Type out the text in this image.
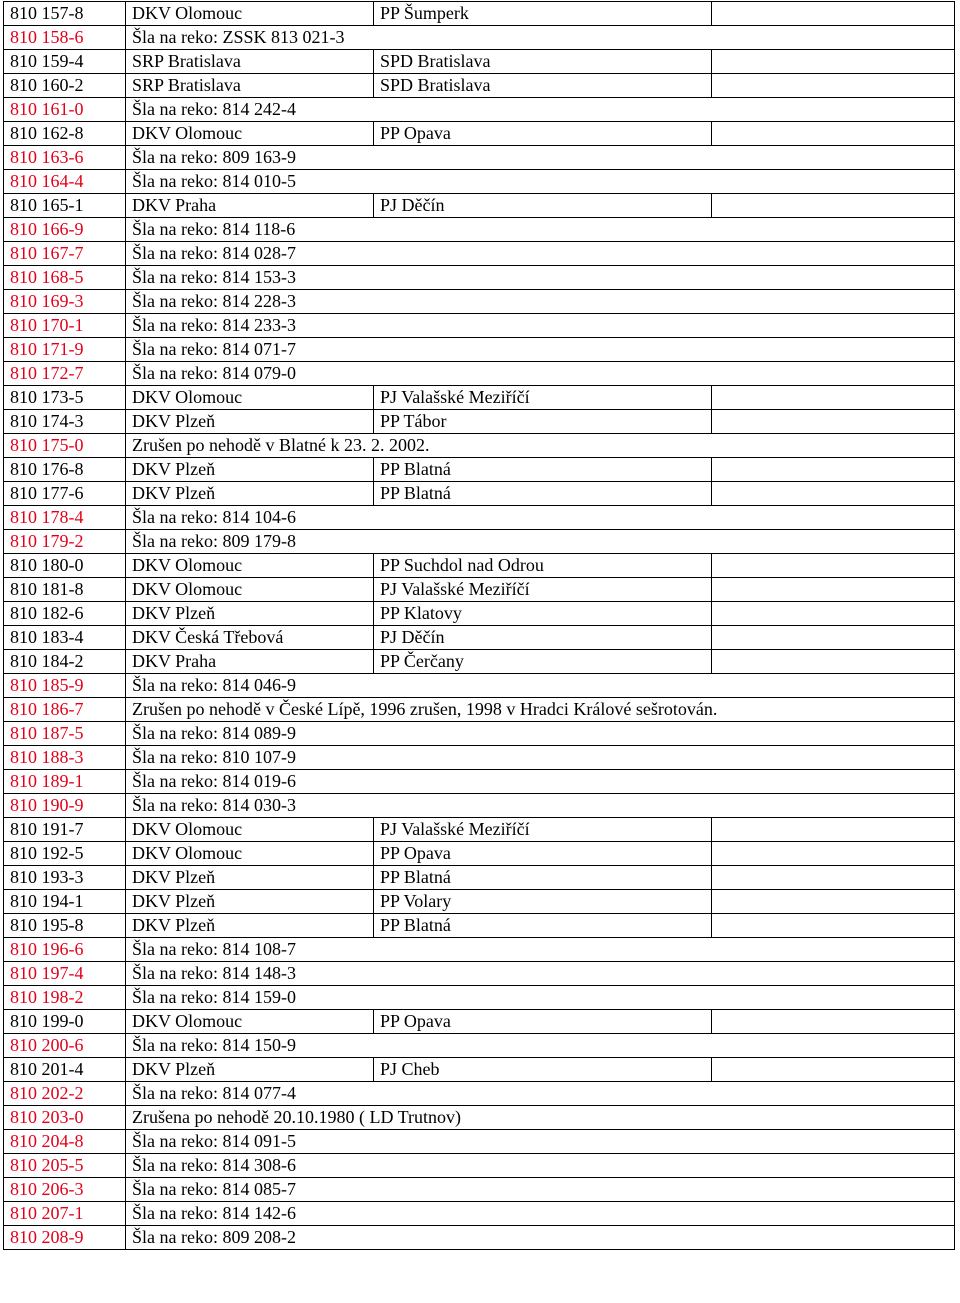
810 157-8	DKV Olomouc	PP Šumperk	
810 158-6	Šla na reko: ZSSK 813 021-3		
810 159-4	SRP Bratislava	SPD Bratislava	
810 160-2	SRP Bratislava	SPD Bratislava	
810 161-0	Šla na reko: 814 242-4		
810 162-8	DKV Olomouc	PP Opava	
810 163-6	Šla na reko: 809 163-9		
810 164-4	Šla na reko: 814 010-5		
810 165-1	DKV Praha	PJ Děčín	
810 166-9	Šla na reko: 814 118-6		
810 167-7	Šla na reko: 814 028-7		
810 168-5	Šla na reko: 814 153-3		
810 169-3	Šla na reko: 814 228-3		
810 170-1	Šla na reko: 814 233-3		
810 171-9	Šla na reko: 814 071-7		
810 172-7	Šla na reko: 814 079-0		
810 173-5	DKV Olomouc	PJ Valašské Meziříčí	
810 174-3	DKV Plzeň	PP Tábor	
810 175-0	Zrušen po nehodě v Blatné k 23. 2. 2002.		
810 176-8	DKV Plzeň	PP Blatná	
810 177-6	DKV Plzeň	PP Blatná	
810 178-4	Šla na reko: 814 104-6		
810 179-2	Šla na reko: 809 179-8		
810 180-0	DKV Olomouc	PP Suchdol nad Odrou	
810 181-8	DKV Olomouc	PJ Valašské Meziříčí	
810 182-6	DKV Plzeň	PP Klatovy	
810 183-4	DKV Česká Třebová	PJ Děčín	
810 184-2	DKV Praha	PP Čerčany	
810 185-9	Šla na reko: 814 046-9		
810 186-7	Zrušen po nehodě v České Lípě, 1996 zrušen, 1998 v Hradci Králové sešrotován.		
810 187-5	Šla na reko: 814 089-9		
810 188-3	Šla na reko: 810 107-9		
810 189-1	Šla na reko: 814 019-6		
810 190-9	Šla na reko: 814 030-3		
810 191-7	DKV Olomouc	PJ Valašské Meziříčí	
810 192-5	DKV Olomouc	PP Opava	
810 193-3	DKV Plzeň	PP Blatná	
810 194-1	DKV Plzeň	PP Volary	
810 195-8	DKV Plzeň	PP Blatná	
810 196-6	Šla na reko: 814 108-7		
810 197-4	Šla na reko: 814 148-3		
810 198-2	Šla na reko: 814 159-0		
810 199-0	DKV Olomouc	PP Opava	
810 200-6	Šla na reko: 814 150-9		
810 201-4	DKV Plzeň	PJ Cheb	
810 202-2	Šla na reko: 814 077-4		
810 203-0	Zrušena po nehodě 20.10.1980 ( LD Trutnov)		
810 204-8	Šla na reko: 814 091-5		
810 205-5	Šla na reko: 814 308-6		
810 206-3	Šla na reko: 814 085-7		
810 207-1	Šla na reko: 814 142-6		
810 208-9	Šla na reko: 809 208-2		
